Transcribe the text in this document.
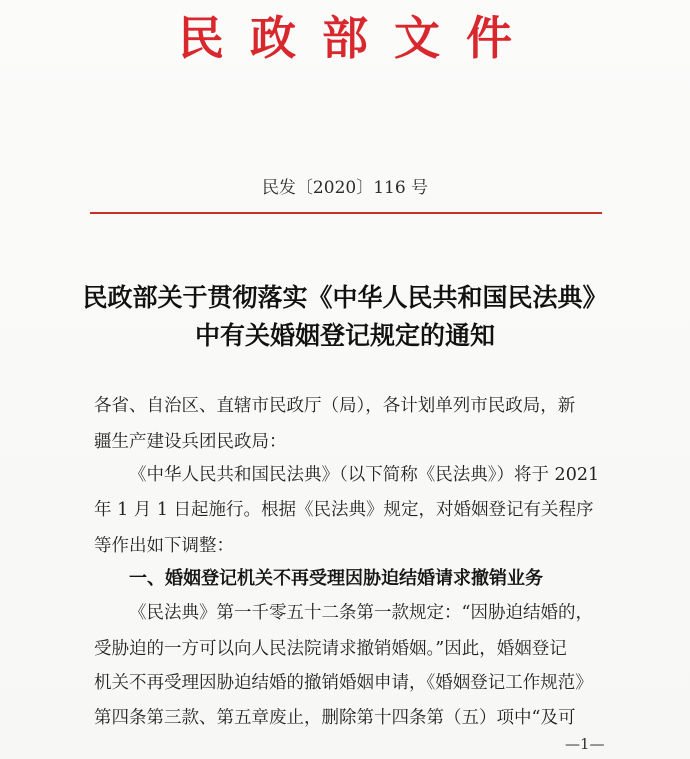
民政部文件
民发〔2020〕116 号
民政部关于贯彻落实《中华人民共和国民法典》
中有关婚姻登记规定的通知
各省、自治区、直辖市民政厅（局），各计划单列市民政局，新
疆生产建设兵团民政局：
《中华人民共和国民法典》（以下简称《民法典》）将于 2021
年 1 月 1 日起施行。根据《民法典》规定，对婚姻登记有关程序
等作出如下调整：
一、婚姻登记机关不再受理因胁迫结婚请求撤销业务
《民法典》第一千零五十二条第一款规定：“因胁迫结婚的，
受胁迫的一方可以向人民法院请求撤销婚姻。”因此，婚姻登记
机关不再受理因胁迫结婚的撤销婚姻申请，《婚姻登记工作规范》
第四条第三款、第五章废止，删除第十四条第（五）项中“及可
—1—
